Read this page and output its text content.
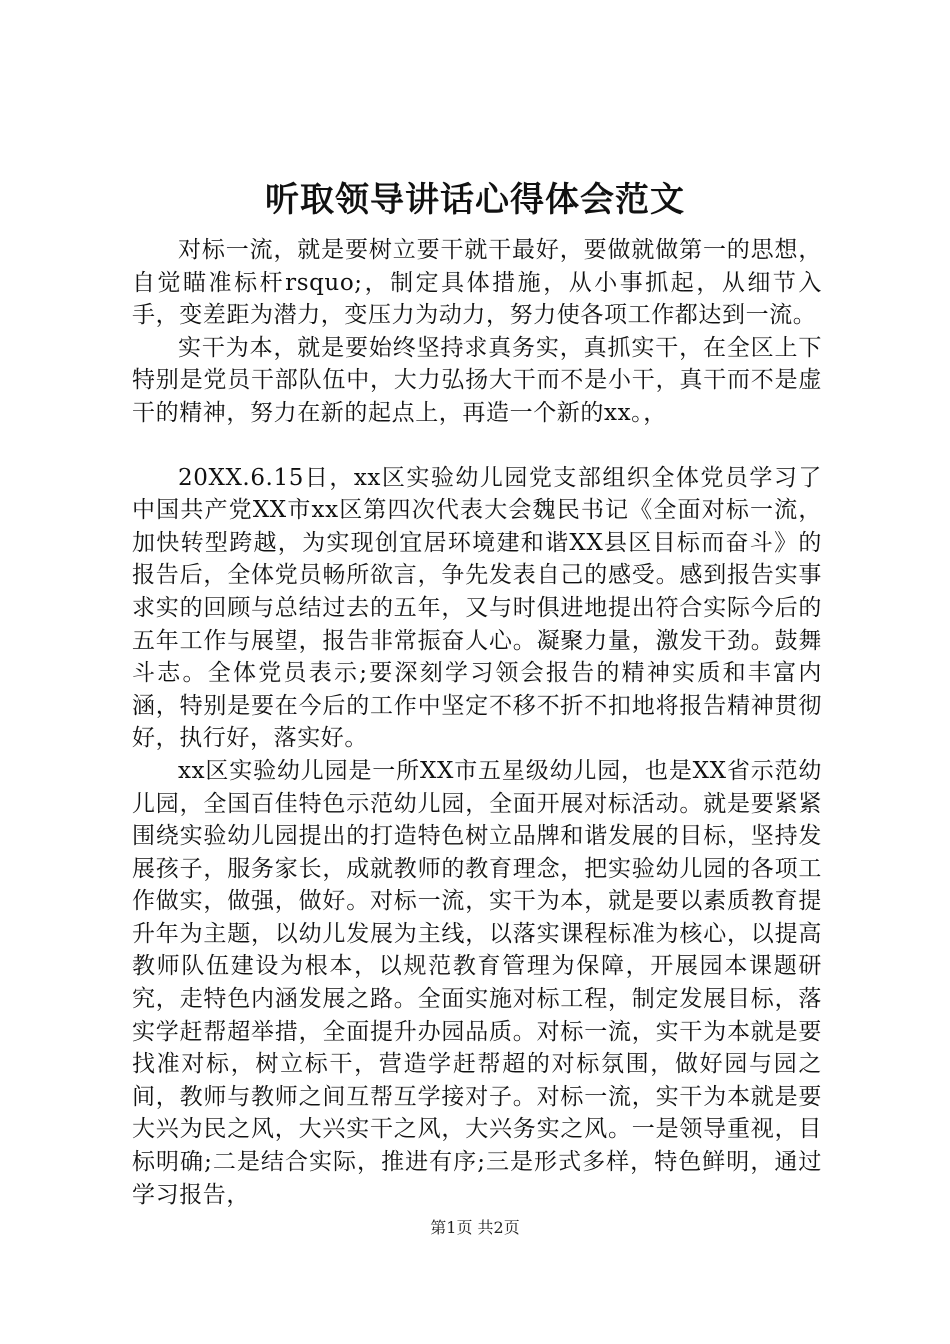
听取领导讲话心得体会范文

对标一流，就是要树立要干就干最好，要做就做第一的思想，自觉瞄准标杆rsquo;，制定具体措施，从小事抓起，从细节入手，变差距为潜力，变压力为动力，努力使各项工作都达到一流。

实干为本，就是要始终坚持求真务实，真抓实干，在全区上下特别是党员干部队伍中，大力弘扬大干而不是小干，真干而不是虚干的精神，努力在新的起点上，再造一个新的xx。，

20XX.6.15日，xx区实验幼儿园党支部组织全体党员学习了中国共产党XX市xx区第四次代表大会魏民书记《全面对标一流，加快转型跨越，为实现创宜居环境建和谐XX县区目标而奋斗》的报告后，全体党员畅所欲言，争先发表自己的感受。感到报告实事求实的回顾与总结过去的五年，又与时俱进地提出符合实际今后的五年工作与展望，报告非常振奋人心。凝聚力量，激发干劲。鼓舞斗志。全体党员表示;要深刻学习领会报告的精神实质和丰富内涵，特别是要在今后的工作中坚定不移不折不扣地将报告精神贯彻好，执行好，落实好。

xx区实验幼儿园是一所XX市五星级幼儿园，也是XX省示范幼儿园，全国百佳特色示范幼儿园，全面开展对标活动。就是要紧紧围绕实验幼儿园提出的打造特色树立品牌和谐发展的目标，坚持发展孩子，服务家长，成就教师的教育理念，把实验幼儿园的各项工作做实，做强，做好。对标一流，实干为本，就是要以素质教育提升年为主题，以幼儿发展为主线，以落实课程标准为核心，以提高教师队伍建设为根本，以规范教育管理为保障，开展园本课题研究，走特色内涵发展之路。全面实施对标工程，制定发展目标，落实学赶帮超举措，全面提升办园品质。对标一流，实干为本就是要找准对标，树立标干，营造学赶帮超的对标氛围，做好园与园之间，教师与教师之间互帮互学接对子。对标一流，实干为本就是要大兴为民之风，大兴实干之风，大兴务实之风。一是领导重视，目标明确;二是结合实际，推进有序;三是形式多样，特色鲜明，通过学习报告，

第1页 共2页
